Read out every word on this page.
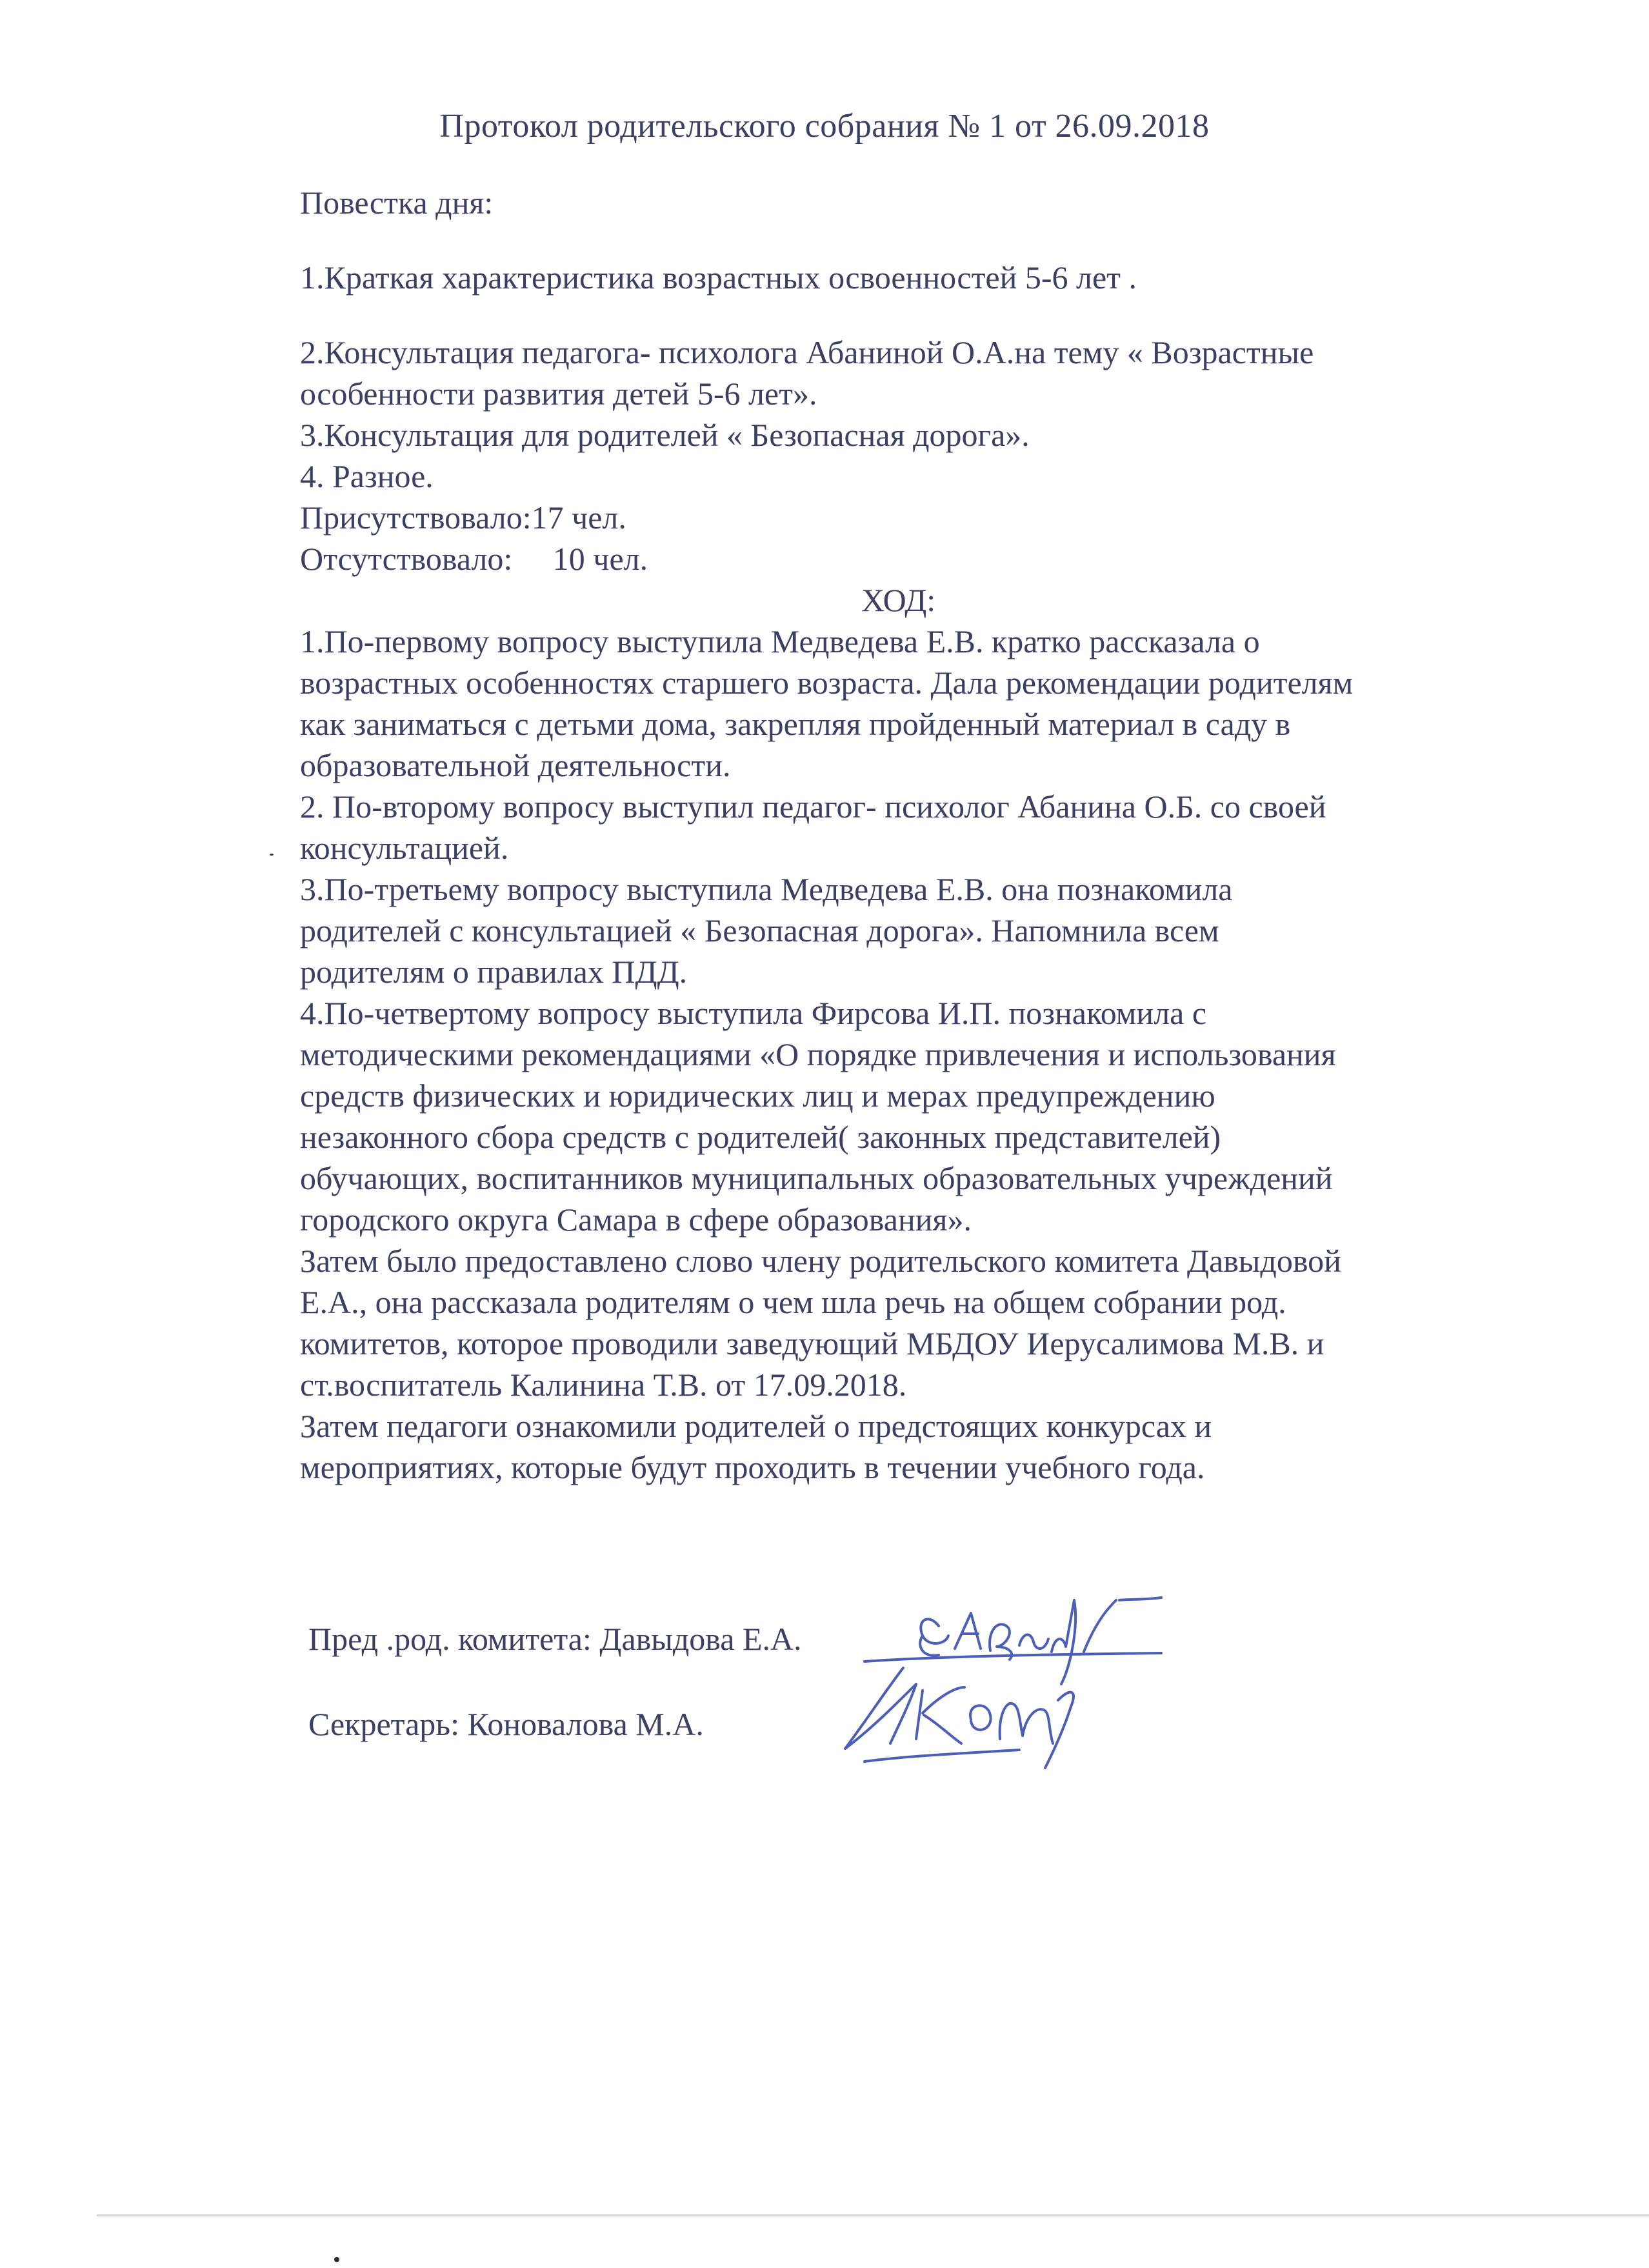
Протокол родительского собрания № 1 от 26.09.2018
Повестка дня:
1.Краткая характеристика возрастных освоенностей 5-6 лет .
2.Консультация педагога- психолога Абаниной О.А.на тему « Возрастные
особенности развития детей 5-6 лет».
3.Консультация для родителей « Безопасная дорога».
4. Разное.
Присутствовало:17 чел.
Отсутствовало:     10 чел.
ХОД:
1.По-первому вопросу выступила Медведева Е.В. кратко рассказала о
возрастных особенностях старшего возраста. Дала рекомендации родителям
как заниматься с детьми дома, закрепляя пройденный материал в саду в
образовательной деятельности.
2. По-второму вопросу выступил педагог- психолог Абанина О.Б. со своей
консультацией.
3.По-третьему вопросу выступила Медведева Е.В. она познакомила
родителей с консультацией « Безопасная дорога». Напомнила всем
родителям о правилах ПДД.
4.По-четвертому вопросу выступила Фирсова И.П. познакомила с
методическими рекомендациями «О порядке привлечения и использования
средств физических и юридических лиц и мерах предупреждению
незаконного сбора средств с родителей( законных представителей)
обучающих, воспитанников муниципальных образовательных учреждений
городского округа Самара в сфере образования».
Затем было предоставлено слово члену родительского комитета Давыдовой
Е.А., она рассказала родителям о чем шла речь на общем собрании род.
комитетов, которое проводили заведующий МБДОУ Иерусалимова М.В. и
ст.воспитатель Калинина Т.В. от 17.09.2018.
Затем педагоги ознакомили родителей о предстоящих конкурсах и
мероприятиях, которые будут проходить в течении учебного года.
Пред .род. комитета: Давыдова Е.А.
Секретарь: Коновалова М.А.
